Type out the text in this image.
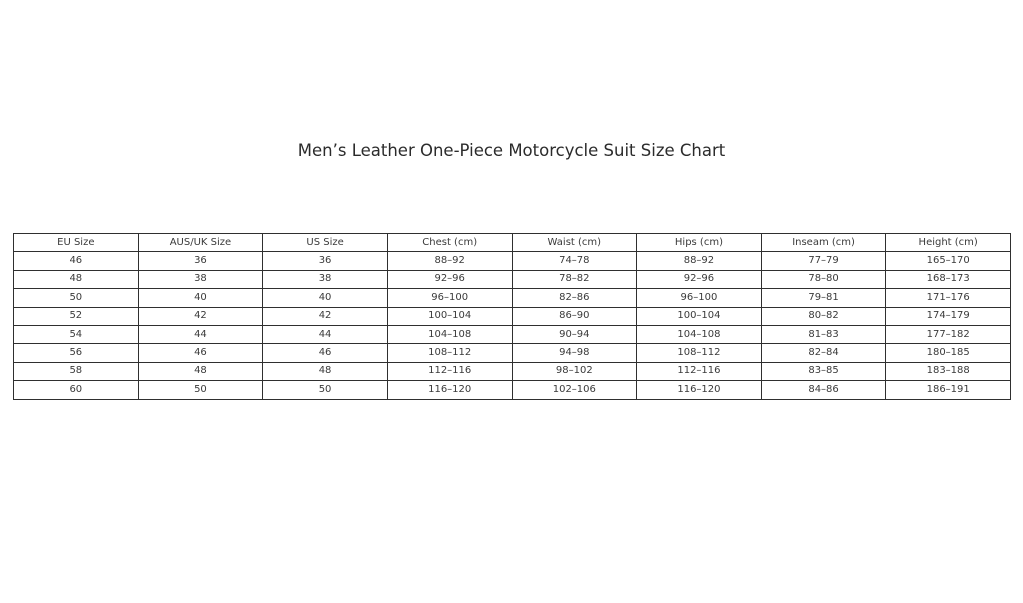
Men’s Leather One-Piece Motorcycle Suit Size Chart
EU Size	AUS/UK Size	US Size	Chest (cm)	Waist (cm)	Hips (cm)	Inseam (cm)	Height (cm)
46	36	36	88–92	74–78	88–92	77–79	165–170
48	38	38	92–96	78–82	92–96	78–80	168–173
50	40	40	96–100	82–86	96–100	79–81	171–176
52	42	42	100–104	86–90	100–104	80–82	174–179
54	44	44	104–108	90–94	104–108	81–83	177–182
56	46	46	108–112	94–98	108–112	82–84	180–185
58	48	48	112–116	98–102	112–116	83–85	183–188
60	50	50	116–120	102–106	116–120	84–86	186–191
